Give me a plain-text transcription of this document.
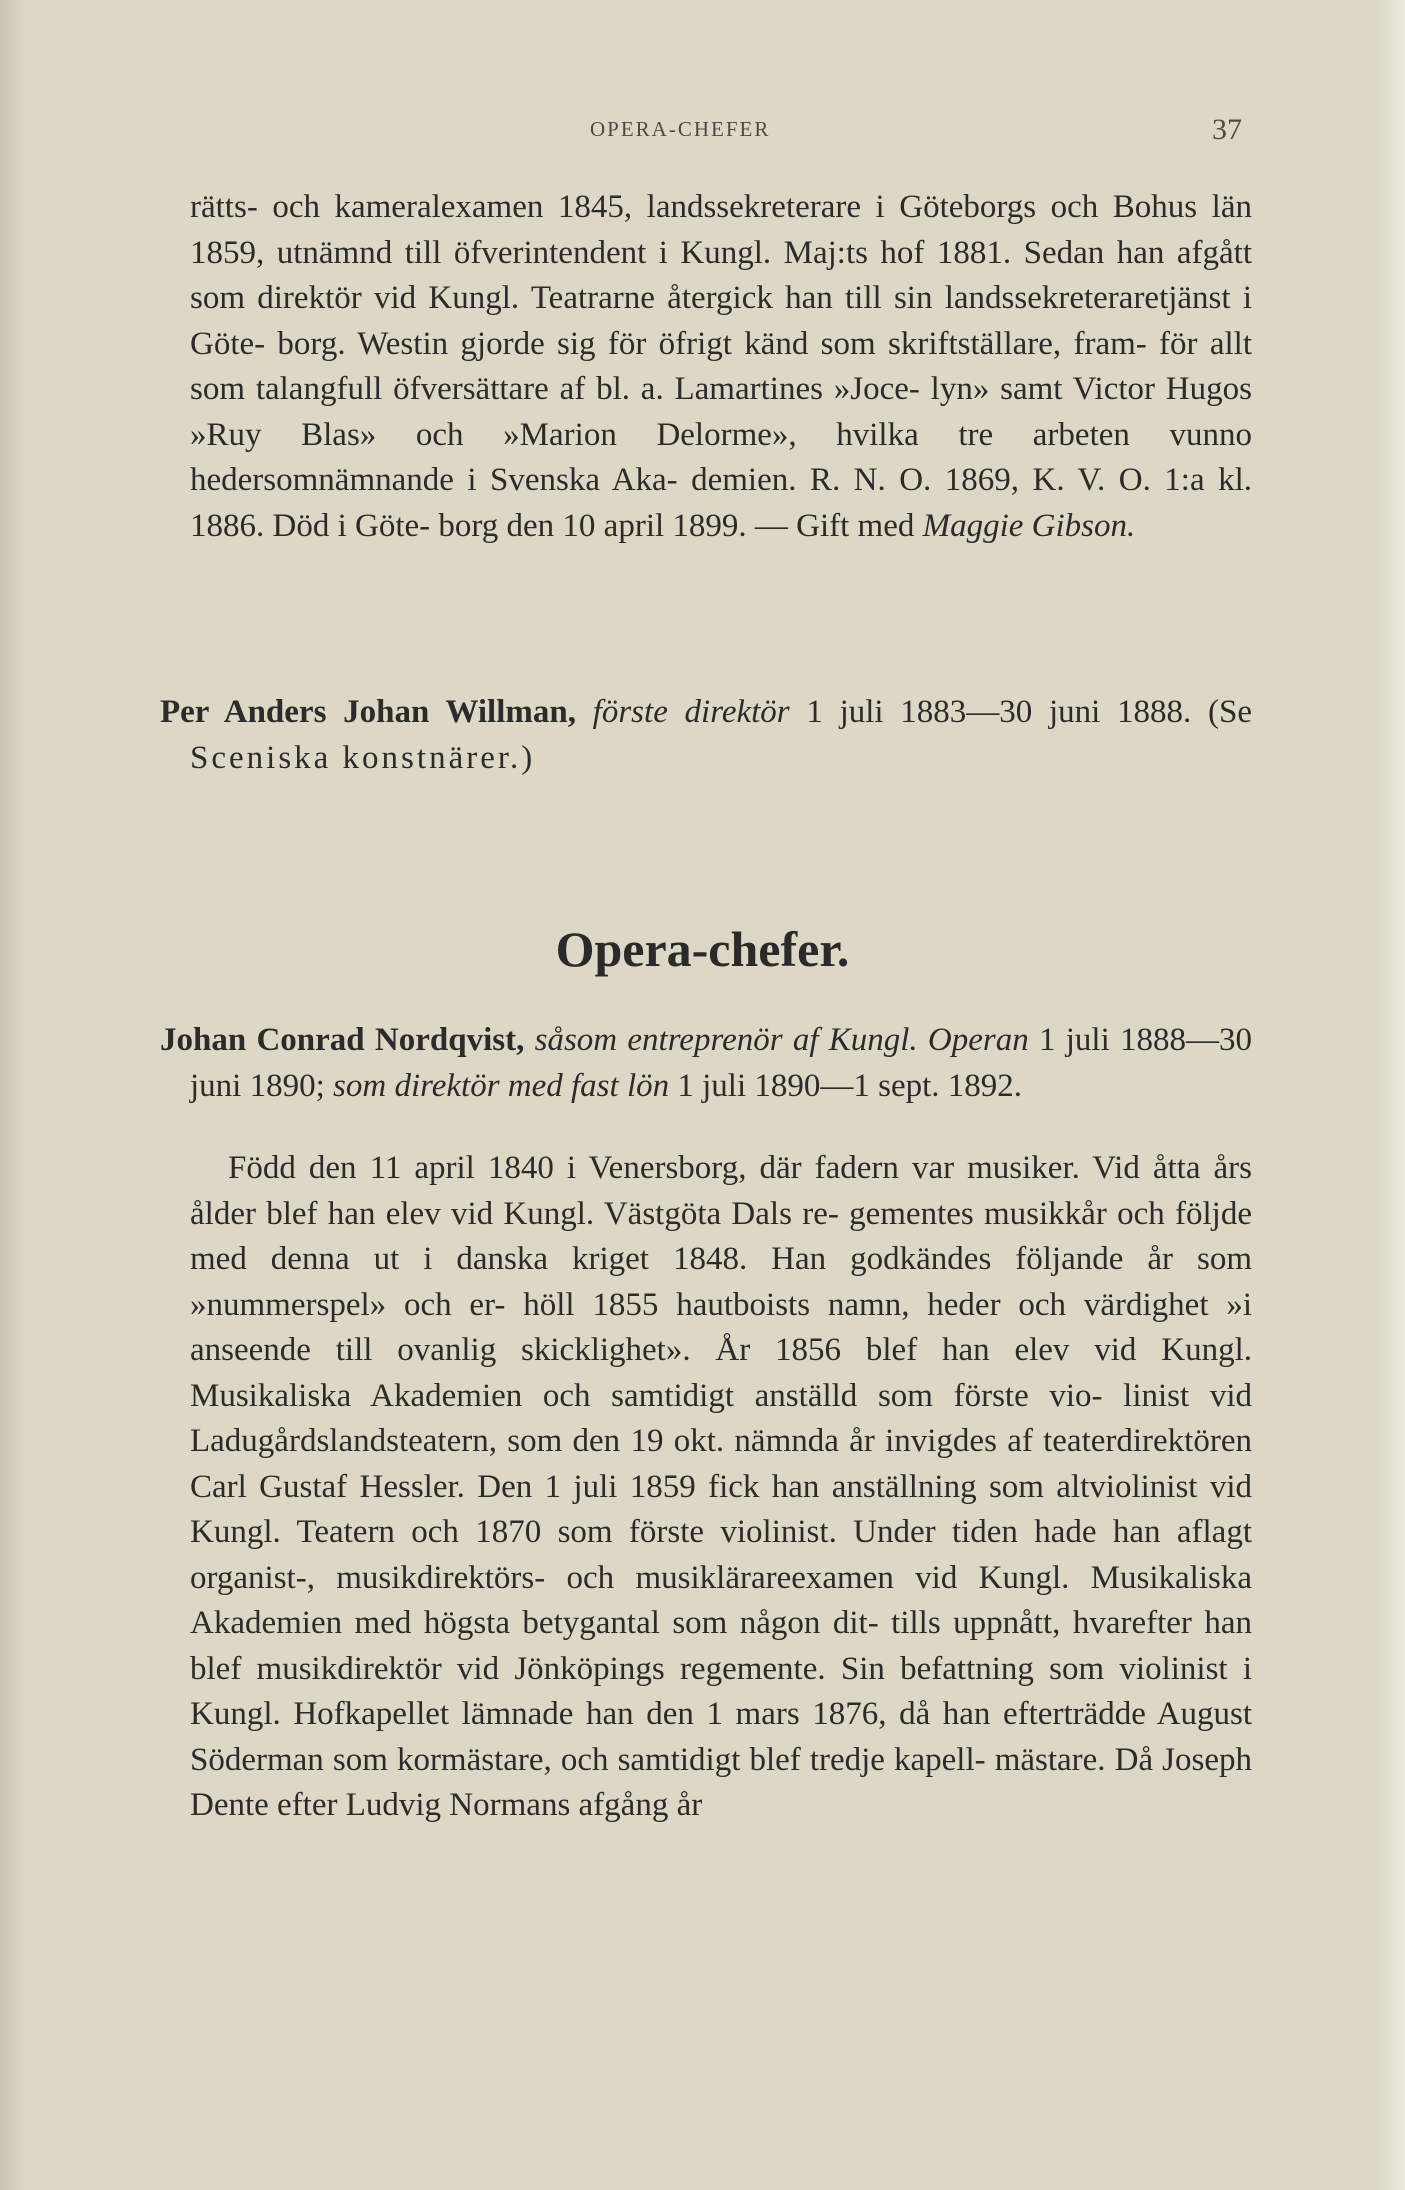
OPERA-CHEFER	37
rätts- och kameralexamen 1845, landssekreterare i Göteborgs och Bohus län 1859, utnämnd till öfverintendent i Kungl. Maj:ts hof 1881. Sedan han afgått som direktör vid Kungl. Teatrarne återgick han till sin landssekreteraretjänst i Göte- borg. Westin gjorde sig för öfrigt känd som skriftställare, fram- för allt som talangfull öfversättare af bl. a. Lamartines »Joce- lyn» samt Victor Hugos »Ruy Blas» och »Marion Delorme», hvilka tre arbeten vunno hedersomnämnande i Svenska Aka- demien. R. N. O. 1869, K. V. O. 1:a kl. 1886. Död i Göte- borg den 10 april 1899. — Gift med Maggie Gibson.
Per Anders Johan Willman, förste direktör 1 juli 1883—30 juni 1888. (Se Sceniska konstnärer.)
Opera-chefer.
Johan Conrad Nordqvist, såsom entreprenör af Kungl. Operan 1 juli 1888—30 juni 1890; som direktör med fast lön 1 juli 1890—1 sept. 1892.
Född den 11 april 1840 i Venersborg, där fadern var musiker. Vid åtta års ålder blef han elev vid Kungl. Västgöta Dals re- gementes musikkår och följde med denna ut i danska kriget 1848. Han godkändes följande år som »nummerspel» och er- höll 1855 hautboists namn, heder och värdighet »i anseende till ovanlig skicklighet». År 1856 blef han elev vid Kungl. Musikaliska Akademien och samtidigt anställd som förste vio- linist vid Ladugårdslandsteatern, som den 19 okt. nämnda år invigdes af teaterdirektören Carl Gustaf Hessler. Den 1 juli 1859 fick han anställning som altviolinist vid Kungl. Teatern och 1870 som förste violinist. Under tiden hade han aflagt organist-, musikdirektörs- och musiklärareexamen vid Kungl. Musikaliska Akademien med högsta betygantal som någon dit- tills uppnått, hvarefter han blef musikdirektör vid Jönköpings regemente. Sin befattning som violinist i Kungl. Hofkapellet lämnade han den 1 mars 1876, då han efterträdde August Söderman som kormästare, och samtidigt blef tredje kapell- mästare. Då Joseph Dente efter Ludvig Normans afgång år
